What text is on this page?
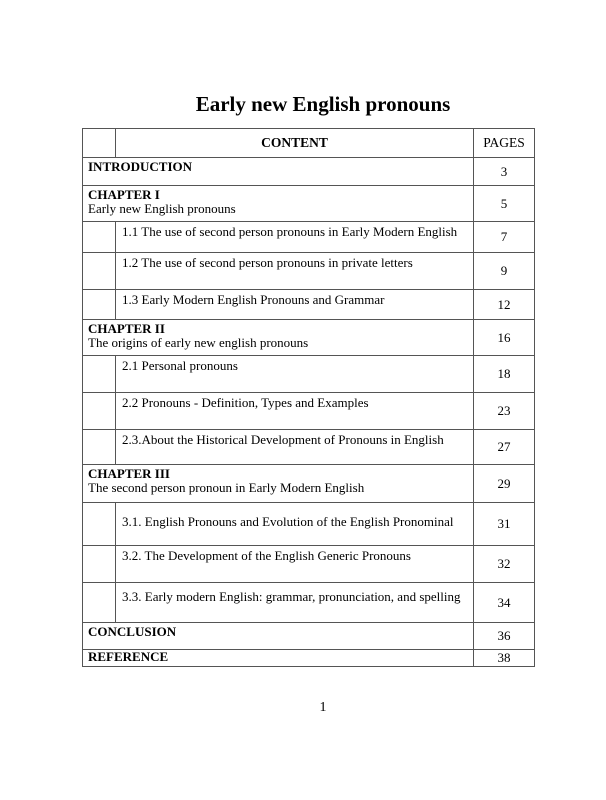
Early new English pronouns
	CONTENT	PAGES
INTRODUCTION		3
CHAPTER I
Early new English pronouns		5
	1.1 The use of second person pronouns in Early Modern English	7
	1.2 The use of second person pronouns in private letters	9
	1.3 Early Modern English Pronouns and Grammar	12
CHAPTER II
The origins of early new english pronouns		16
	2.1 Personal pronouns	18
	2.2 Pronouns - Definition, Types and Examples	23
	2.3.About the Historical Development of Pronouns in English	27
CHAPTER III
The second person pronoun in Early Modern English		29
	3.1. English Pronouns and Evolution of the English Pronominal	31
	3.2. The Development of the English Generic Pronouns	32
	3.3. Early modern English: grammar, pronunciation, and spelling	34
CONCLUSION		36
REFERENCE		38
1
